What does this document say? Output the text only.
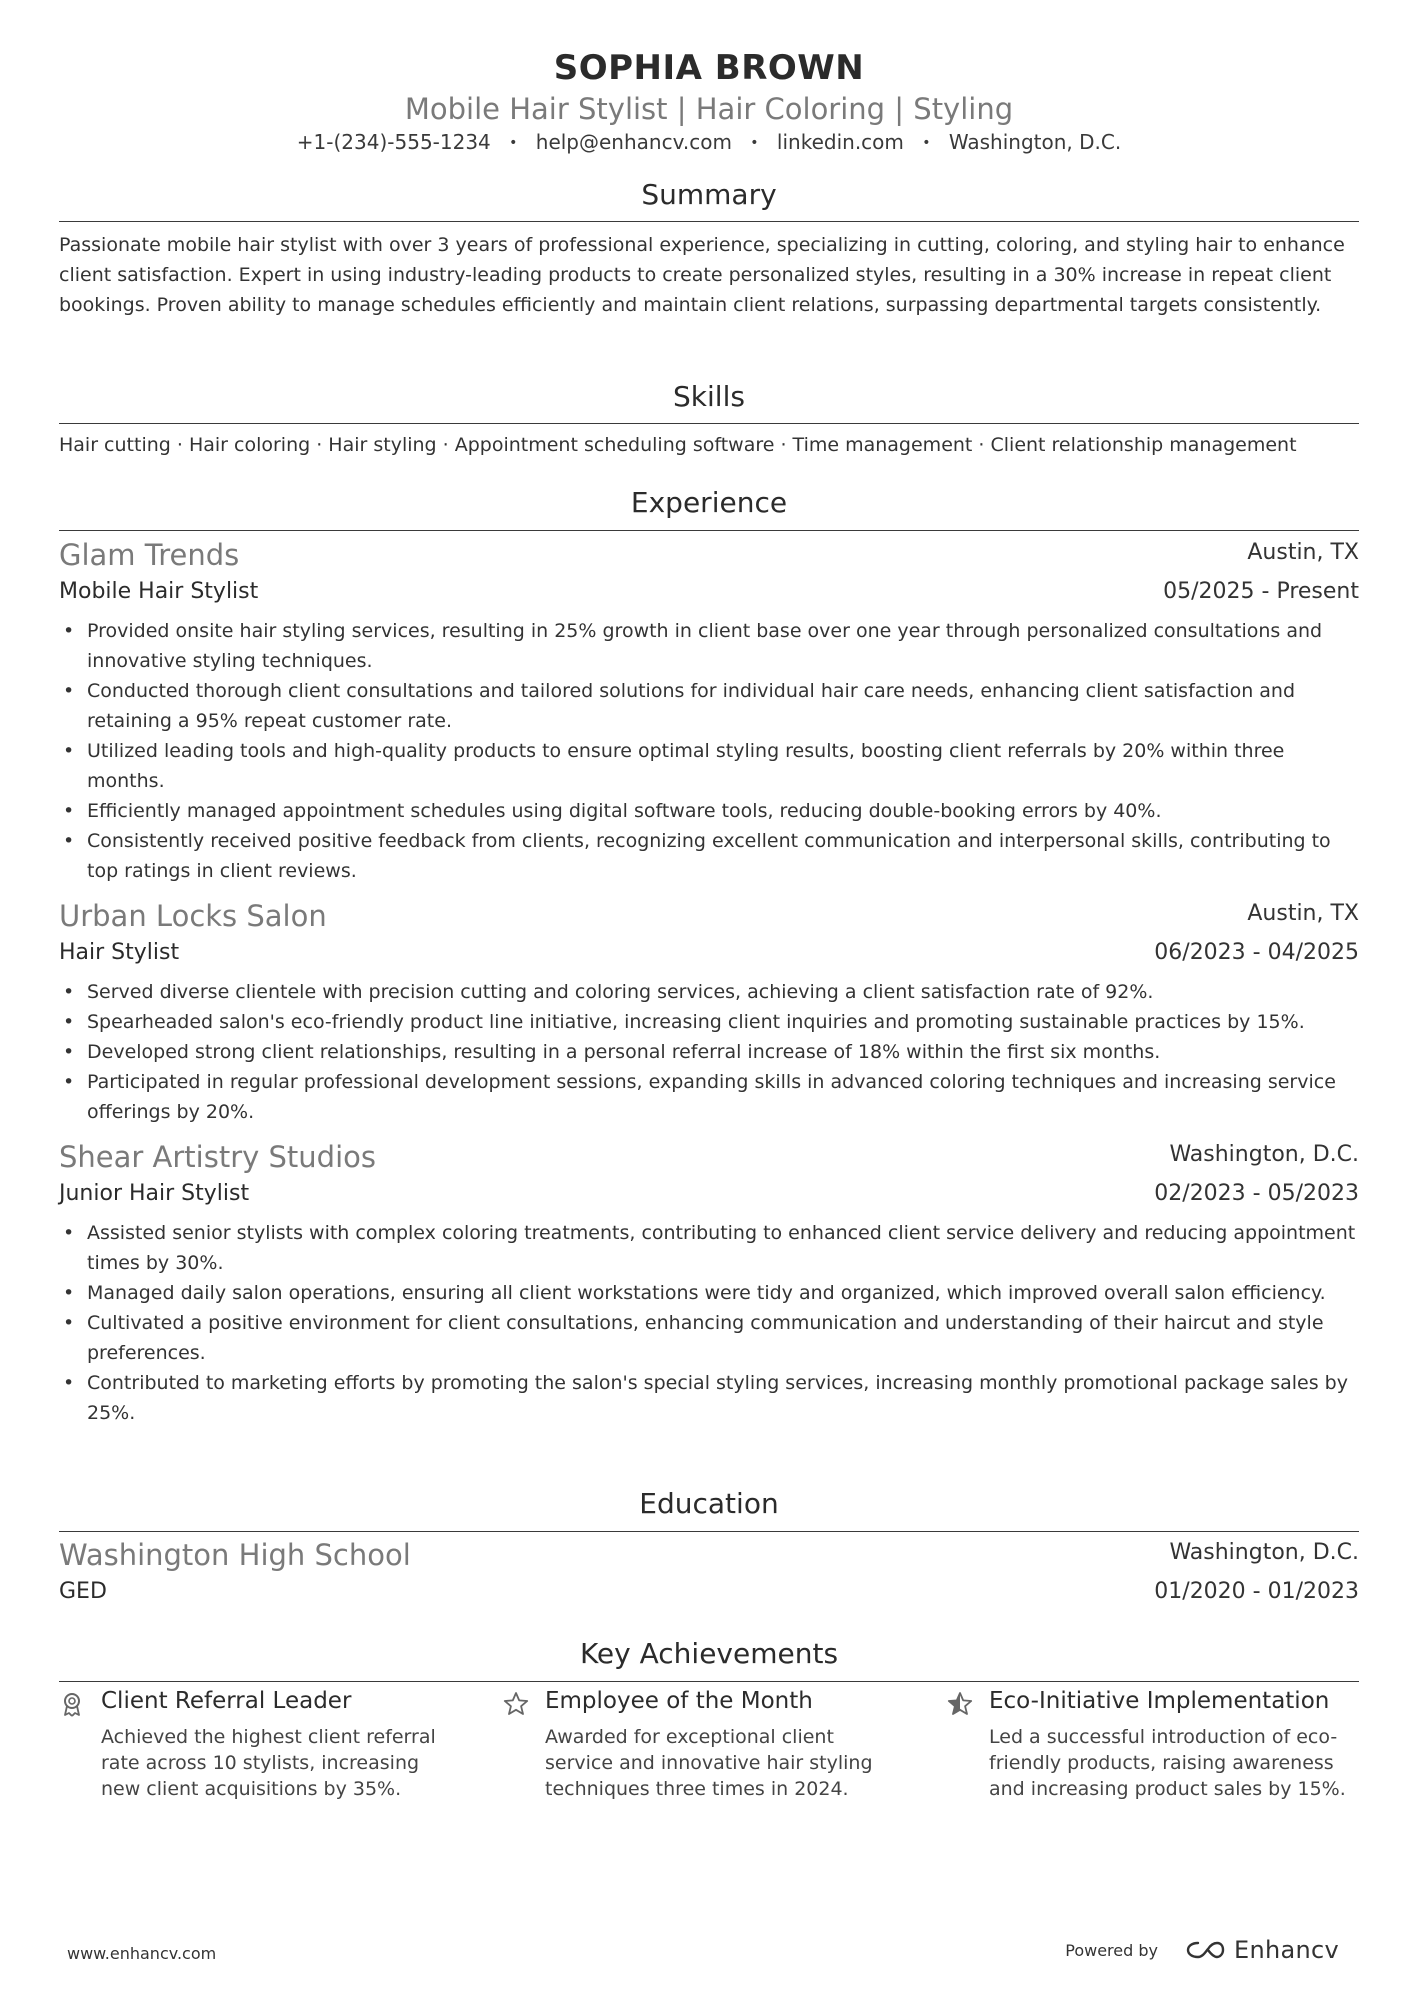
SOPHIA BROWN
Mobile Hair Stylist | Hair Coloring | Styling
+1-(234)-555-1234 • help@enhancv.com • linkedin.com • Washington, D.C.
Summary

Passionate mobile hair stylist with over 3 years of professional experience, specializing in cutting, coloring, and styling hair to enhance client satisfaction. Expert in using industry-leading products to create personalized styles, resulting in a 30% increase in repeat client bookings. Proven ability to manage schedules efficiently and maintain client relations, surpassing departmental targets consistently.

Skills
Hair cutting · Hair coloring · Hair styling · Appointment scheduling software · Time management · Client relationship management
Experience
Glam Trends	Austin, TX
Mobile Hair Stylist	05/2025 - Present
• Provided onsite hair styling services, resulting in 25% growth in client base over one year through personalized consultations and innovative styling techniques.
• Conducted thorough client consultations and tailored solutions for individual hair care needs, enhancing client satisfaction and retaining a 95% repeat customer rate.
• Utilized leading tools and high-quality products to ensure optimal styling results, boosting client referrals by 20% within three months.
• Efficiently managed appointment schedules using digital software tools, reducing double-booking errors by 40%.
• Consistently received positive feedback from clients, recognizing excellent communication and interpersonal skills, contributing to top ratings in client reviews.
Urban Locks Salon	Austin, TX
Hair Stylist	06/2023 - 04/2025
• Served diverse clientele with precision cutting and coloring services, achieving a client satisfaction rate of 92%.
• Spearheaded salon's eco-friendly product line initiative, increasing client inquiries and promoting sustainable practices by 15%.
• Developed strong client relationships, resulting in a personal referral increase of 18% within the first six months.
• Participated in regular professional development sessions, expanding skills in advanced coloring techniques and increasing service offerings by 20%.
Shear Artistry Studios	Washington, D.C.
Junior Hair Stylist	02/2023 - 05/2023
• Assisted senior stylists with complex coloring treatments, contributing to enhanced client service delivery and reducing appointment times by 30%.
• Managed daily salon operations, ensuring all client workstations were tidy and organized, which improved overall salon efficiency.
• Cultivated a positive environment for client consultations, enhancing communication and understanding of their haircut and style preferences.
• Contributed to marketing efforts by promoting the salon's special styling services, increasing monthly promotional package sales by 25%.
Education
Washington High School	Washington, D.C.
GED	01/2020 - 01/2023
Key Achievements
Client Referral Leader
Achieved the highest client referral rate across 10 stylists, increasing new client acquisitions by 35%.
Employee of the Month
Awarded for exceptional client service and innovative hair styling techniques three times in 2024.
Eco-Initiative Implementation
Led a successful introduction of eco-friendly products, raising awareness and increasing product sales by 15%.
www.enhancv.com	Powered by	Enhancv
